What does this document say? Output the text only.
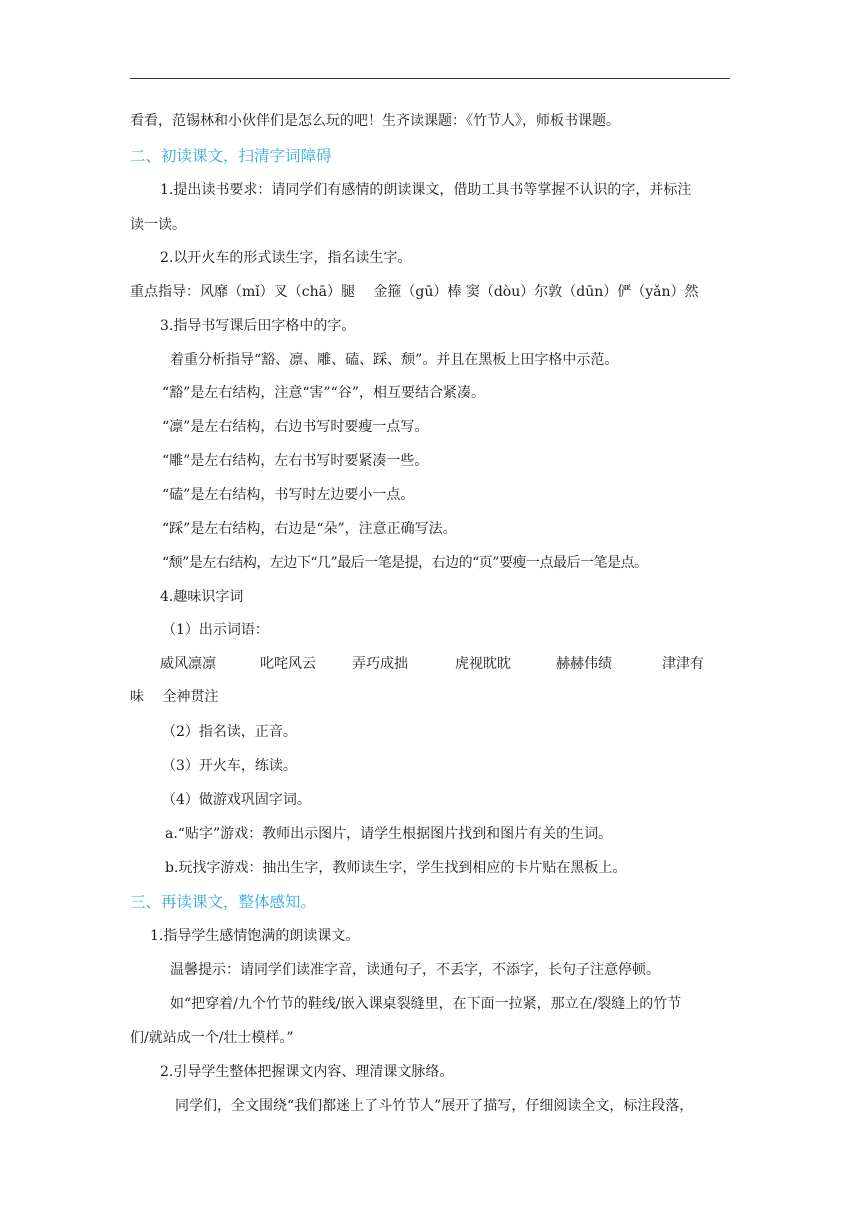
看看，范锡林和小伙伴们是怎么玩的吧！生齐读课题：《竹节人》，师板书课题。
二、初读课文，扫清字词障碍
1.提出读书要求：请同学们有感情的朗读课文，借助工具书等掌握不认识的字，并标注
读一读。
2.以开火车的形式读生字，指名读生字。
重点指导：风靡（mǐ）叉（chā）腿　 金箍（gū）棒 窦（dòu）尔敦（dūn）俨（yǎn）然
3.指导书写课后田字格中的字。
着重分析指导“豁、凛、雕、磕、踩、颓”。并且在黑板上田字格中示范。
“豁”是左右结构，注意“害”“谷”，相互要结合紧凑。
“凛”是左右结构，右边书写时要瘦一点写。
“雕”是左右结构，左右书写时要紧凑一些。
“磕”是左右结构，书写时左边要小一点。
“踩”是左右结构，右边是“朵”，注意正确写法。
“颓”是左右结构，左边下“几”最后一笔是提，右边的“页”要瘦一点最后一笔是点。
4.趣味识字词
（1）出示词语：
威风凛凛	叱咤风云	弄巧成拙	虎视眈眈	赫赫伟绩	津津有
味　 全神贯注
（2）指名读，正音。
（3）开火车，练读。
（4）做游戏巩固字词。
a.“贴字”游戏：教师出示图片，请学生根据图片找到和图片有关的生词。
b.玩找字游戏：抽出生字，教师读生字，学生找到相应的卡片贴在黑板上。
三、再读课文，整体感知。
1.指导学生感情饱满的朗读课文。
温馨提示：请同学们读准字音，读通句子，不丢字，不添字，长句子注意停顿。
如“把穿着/九个竹节的鞋线/嵌入课桌裂缝里，在下面一拉紧，那立在/裂缝上的竹节
们/就站成一个/壮士模样。”
2.引导学生整体把握课文内容、理清课文脉络。
同学们，全文围绕“我们都迷上了斗竹节人”展开了描写，仔细阅读全文，标注段落，
